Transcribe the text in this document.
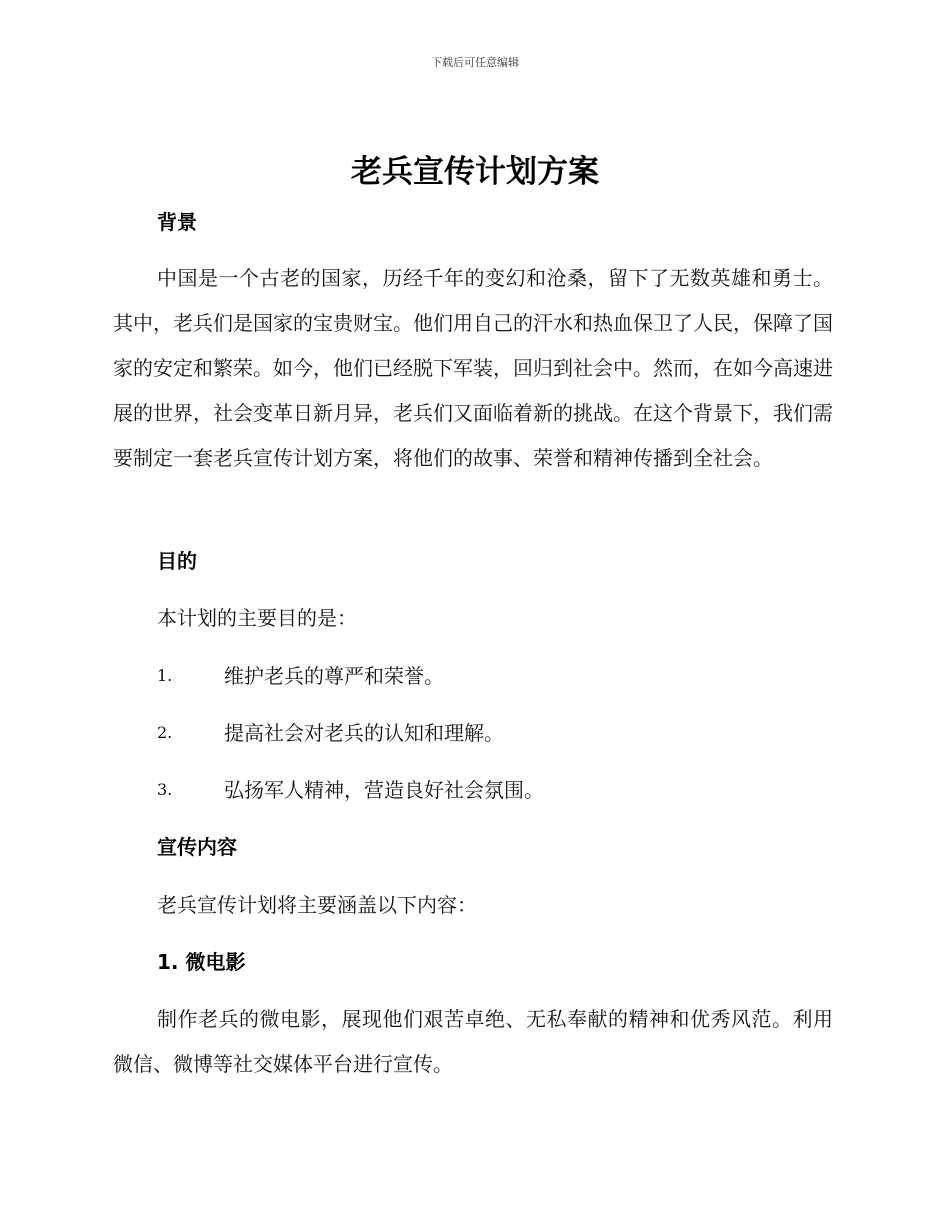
下载后可任意编辑
老兵宣传计划方案
背景

中国是一个古老的国家，历经千年的变幻和沧桑，留下了无数英雄和勇士。其中，老兵们是国家的宝贵财宝。他们用自己的汗水和热血保卫了人民，保障了国家的安定和繁荣。如今，他们已经脱下军装，回归到社会中。然而，在如今高速进展的世界，社会变革日新月异，老兵们又面临着新的挑战。在这个背景下，我们需要制定一套老兵宣传计划方案，将他们的故事、荣誉和精神传播到全社会。

目的

本计划的主要目的是：

1.	维护老兵的尊严和荣誉。
2.	提高社会对老兵的认知和理解。
3.	弘扬军人精神，营造良好社会氛围。
宣传内容

老兵宣传计划将主要涵盖以下内容：

1. 微电影

制作老兵的微电影，展现他们艰苦卓绝、无私奉献的精神和优秀风范。利用微信、微博等社交媒体平台进行宣传。
